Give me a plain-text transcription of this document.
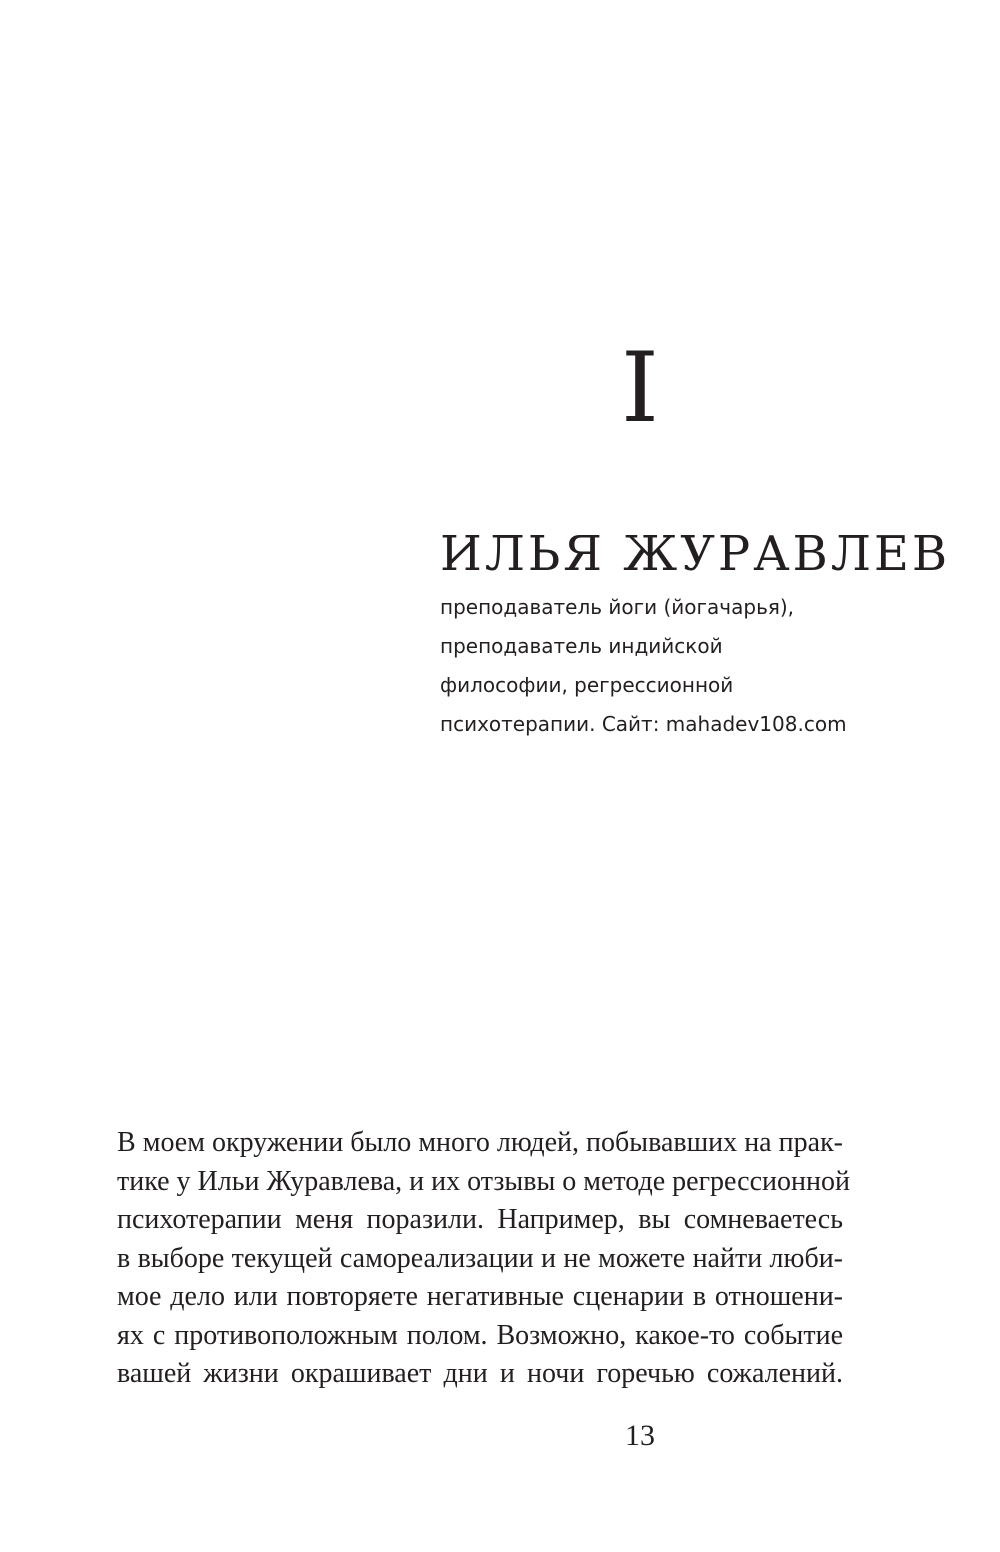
I
ИЛЬЯ ЖУРАВЛЕВ
преподаватель йоги (йогачарья),
преподаватель индийской
философии, регрессионной
психотерапии. Сайт: mahadev108.com
В моем окружении было много людей, побывавших на прак-
тике у Ильи Журавлева, и их отзывы о методе регрессионной
психотерапии меня поразили. Например, вы сомневаетесь
в выборе текущей самореализации и не можете найти люби-
мое дело или повторяете негативные сценарии в отношени-
ях с противоположным полом. Возможно, какое-то событие
вашей жизни окрашивает дни и ночи горечью сожалений.
13
